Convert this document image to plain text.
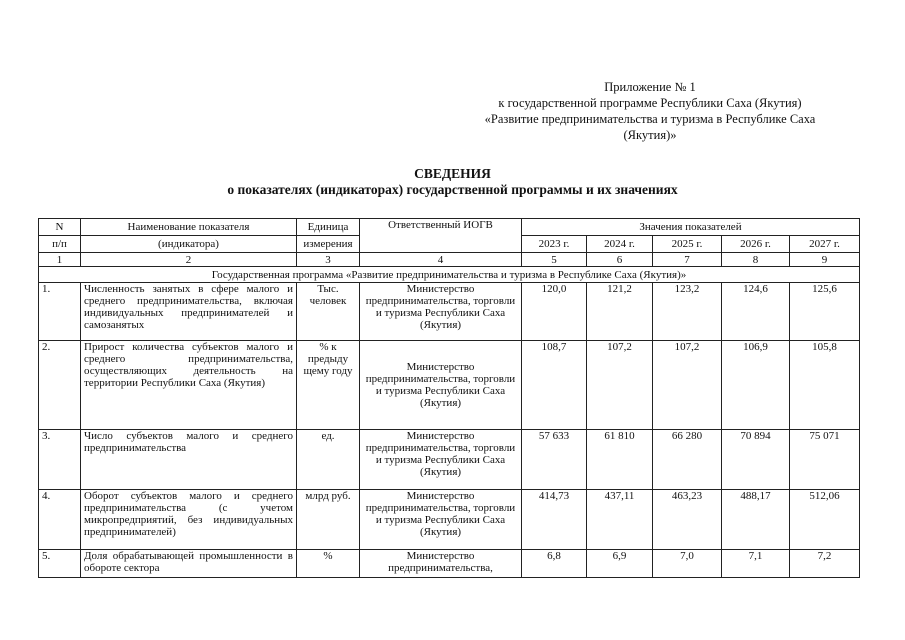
Приложение № 1
к государственной программе Республики Саха (Якутия)
«Развитие предпринимательства и туризма в Республике Саха
(Якутия)»
СВЕДЕНИЯ
о показателях (индикаторах) государственной программы и их значениях
N	Наименование показателя	Единица	Ответственный ИОГВ	Значения показателей				
п/п	(индикатора)	измерения		2023 г.	2024 г.	2025 г.	2026 г.	2027 г.
1	2	3	4	5	6	7	8	9
Государственная программа «Развитие предпринимательства и туризма в Республике Саха (Якутия)»								
1.	Численность занятых в сфере малого и среднего предпринимательства, включая индивидуальных предпринимателей и самозанятых	Тыс. человек	Министерство предпринимательства, торговли и туризма Республики Саха (Якутия)	120,0	121,2	123,2	124,6	125,6
2.	Прирост количества субъектов малого и среднего предпринимательства, осуществляющих деятельность на территории Республики Саха (Якутия)	% к предыду щему году	Министерство предпринимательства, торговли и туризма Республики Саха (Якутия)	108,7	107,2	107,2	106,9	105,8
3.	Число субъектов малого и среднего предпринимательства	ед.	Министерство предпринимательства, торговли и туризма Республики Саха (Якутия)	57 633	61 810	66 280	70 894	75 071
4.	Оборот субъектов малого и среднего предпринимательства (с учетом микропредприятий, без индивидуальных предпринимателей)	млрд руб.	Министерство предпринимательства, торговли и туризма Республики Саха (Якутия)	414,73	437,11	463,23	488,17	512,06
5.	Доля обрабатывающей промышленности в обороте сектора	%	Министерство предпринимательства,	6,8	6,9	7,0	7,1	7,2
